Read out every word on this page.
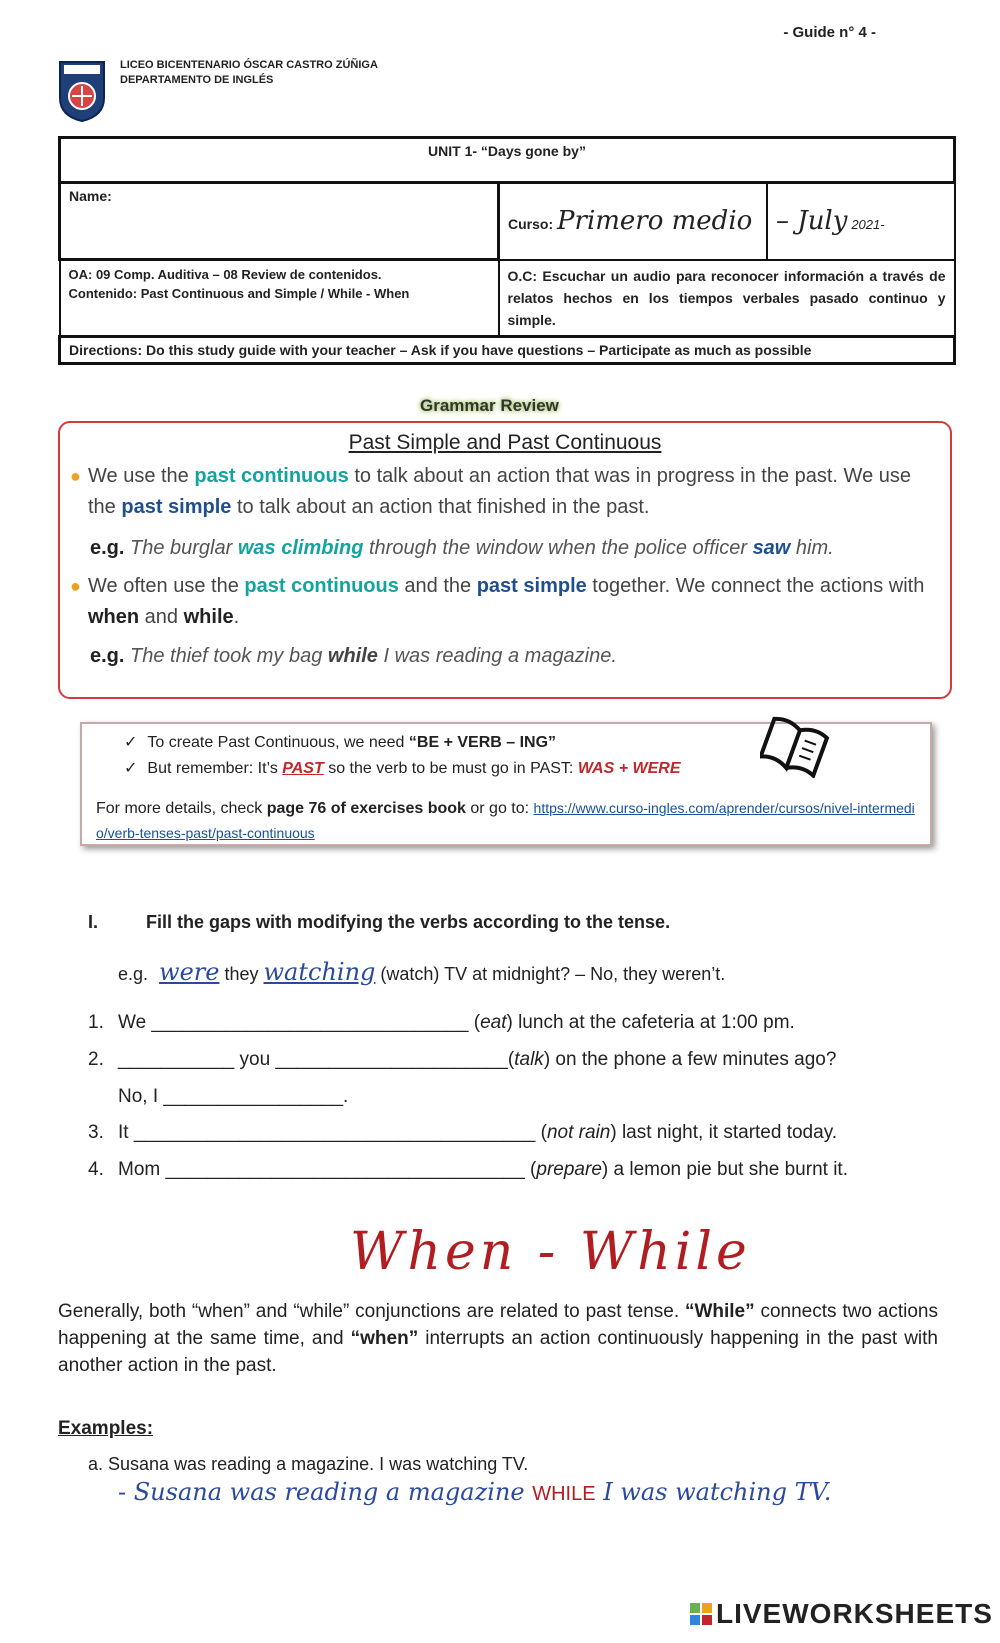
- Guide n° 4 -
LICEO BICENTENARIO ÓSCAR CASTRO ZÚÑIGA
DEPARTAMENTO DE INGLÉS
UNIT 1- “Days gone by”		
Name:	Curso: Primero medio	– July 2021-

OA: 09 Comp. Auditiva – 08 Review de contenidos.
Contenido: Past Continuous and Simple / While - When	O.C: Escuchar un audio para reconocer información a través de relatos hechos en los tiempos verbales pasado continuo y simple.	
Directions: Do this study guide with your teacher – Ask if you have questions – Participate as much as possible		
Grammar Review
Past Simple and Past Continuous
● We use the past continuous to talk about an action that was in progress in the past. We use the past simple to talk about an action that finished in the past.
e.g. The burglar was climbing through the window when the police officer saw him.
● We often use the past continuous and the past simple together. We connect the actions with when and while.
e.g. The thief took my bag while I was reading a magazine.
✓ To create Past Continuous, we need “BE + VERB – ING”
✓ But remember: It’s PAST so the verb to be must go in PAST: WAS + WERE
For more details, check page 76 of exercises book or go to: https://www.curso-ingles.com/aprender/cursos/nivel-intermedio/verb-tenses-past/past-continuous
I.	Fill the gaps with modifying the verbs according to the tense.
e.g. were they watching (watch) TV at midnight? – No, they weren’t.
1. We ______________________________ (eat) lunch at the cafeteria at 1:00 pm.
2. ___________ you ______________________(talk) on the phone a few minutes ago?
No, I _________________.
3. It ______________________________________ (not rain) last night, it started today.
4. Mom __________________________________ (prepare) a lemon pie but she burnt it.
When - While
Generally, both “when” and “while” conjunctions are related to past tense. “While” connects two actions happening at the same time, and “when” interrupts an action continuously happening in the past with another action in the past.
Examples:
a. Susana was reading a magazine. I was watching TV.
- Susana was reading a magazine WHILE I was watching TV.
LIVEWORKSHEETS
